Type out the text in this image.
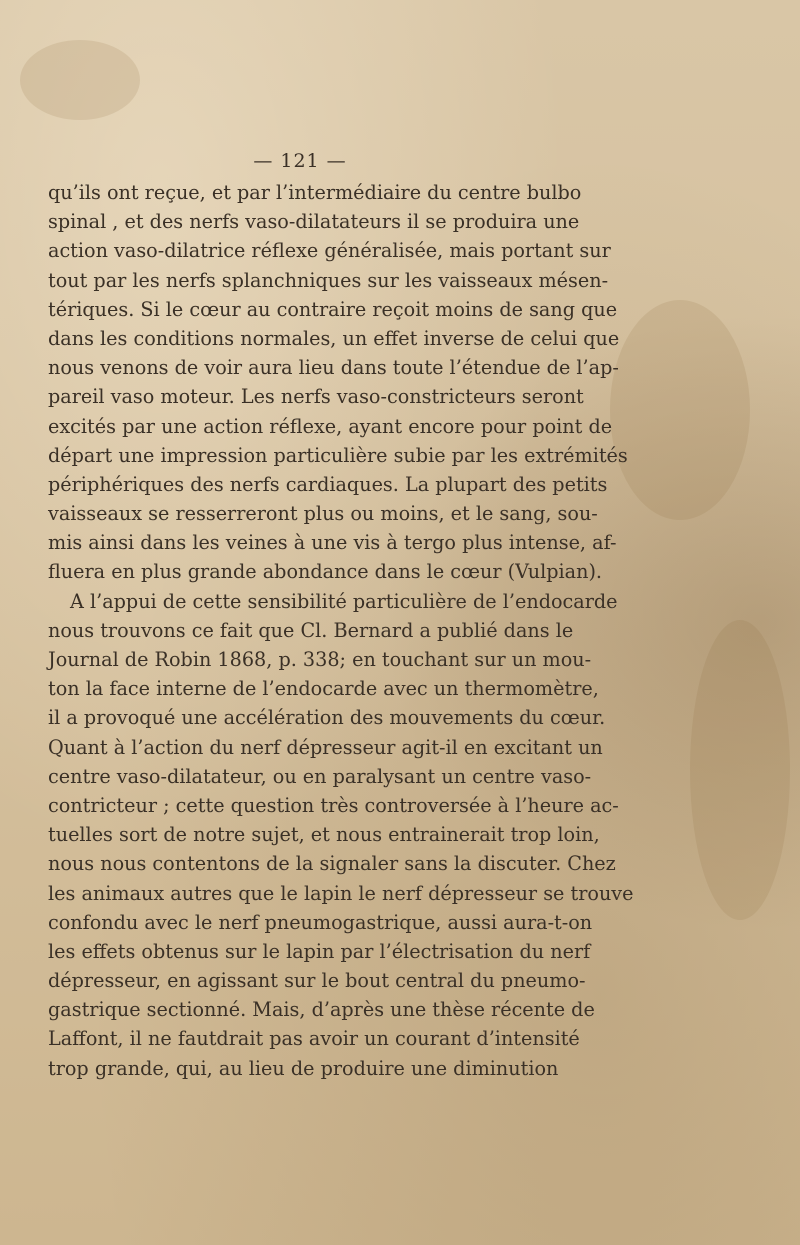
— 121 —
qu’ils ont reçue, et par l’intermédiaire du centre bulbo
spinal , et des nerfs vaso-dilatateurs il se produira une
action vaso-dilatrice réflexe généralisée, mais portant sur
tout par les nerfs splanchniques sur les vaisseaux mésen-
tériques. Si le cœur au contraire reçoit moins de sang que
dans les conditions normales, un effet inverse de celui que
nous venons de voir aura lieu dans toute l’étendue de l’ap-
pareil vaso moteur. Les nerfs vaso-constricteurs seront
excités par une action réflexe, ayant encore pour point de
départ une impression particulière subie par les extrémités
périphériques des nerfs cardiaques. La plupart des petits
vaisseaux se resserreront plus ou moins, et le sang, sou-
mis ainsi dans les veines à une vis à tergo plus intense, af-
fluera en plus grande abondance dans le cœur (Vulpian).
A l’appui de cette sensibilité particulière de l’endocarde
nous trouvons ce fait que Cl. Bernard a publié dans le
Journal de Robin 1868, p. 338; en touchant sur un mou-
ton la face interne de l’endocarde avec un thermomètre,
il a provoqué une accélération des mouvements du cœur.
Quant à l’action du nerf dépresseur agit-il en excitant un
centre vaso-dilatateur, ou en paralysant un centre vaso-
contricteur ; cette question très controversée à l’heure ac-
tuelles sort de notre sujet, et nous entrainerait trop loin,
nous nous contentons de la signaler sans la discuter. Chez
les animaux autres que le lapin le nerf dépresseur se trouve
confondu avec le nerf pneumogastrique, aussi aura-t-on
les effets obtenus sur le lapin par l’électrisation du nerf
dépresseur, en agissant sur le bout central du pneumo-
gastrique sectionné. Mais, d’après une thèse récente de
Laffont, il ne fautdrait pas avoir un courant d’intensité
trop grande, qui, au lieu de produire une diminution
